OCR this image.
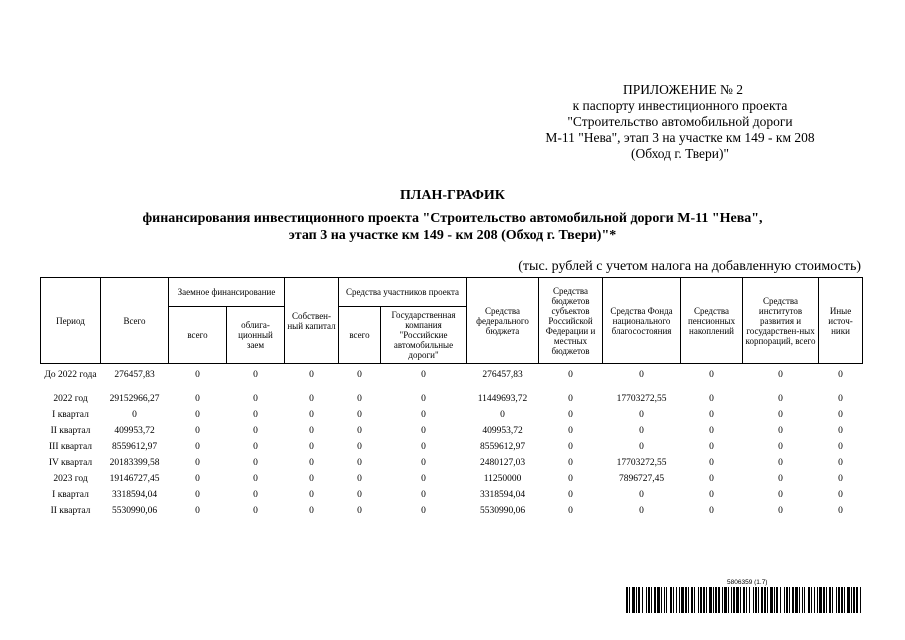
ПРИЛОЖЕНИЕ № 2
к паспорту инвестиционного проекта
"Строительство автомобильной дороги
М-11 "Нева", этап 3 на участке км 149 - км 208
(Обход г. Твери)"
ПЛАН-ГРАФИК
финансирования инвестиционного проекта "Строительство автомобильной дороги М-11 "Нева",
этап 3 на участке км 149 - км 208 (Обход г. Твери)"*
(тыс. рублей с учетом налога на добавленную стоимость)
Период	Всего	Заемное финансирование		Собствен-ный капитал	Средства участников проекта		Средства федерального бюджета	Средства бюджетов субъектов Российской Федерации и местных бюджетов	Средства Фонда национального благосостояния	Средства пенсионных накоплений	Средства институтов развития и государствен-ных корпораций, всего	Иные источ-ники
		всего	облига-ционный заем		всего	Государственная компания "Российские автомобильные дороги"						
До 2022 года	276457,83	0	0	0	0	0	276457,83	0	0	0	0	0
2022 год	29152966,27	0	0	0	0	0	11449693,72	0	17703272,55	0	0	0
I квартал	0	0	0	0	0	0	0	0	0	0	0	0
II квартал	409953,72	0	0	0	0	0	409953,72	0	0	0	0	0
III квартал	8559612,97	0	0	0	0	0	8559612,97	0	0	0	0	0
IV квартал	20183399,58	0	0	0	0	0	2480127,03	0	17703272,55	0	0	0
2023 год	19146727,45	0	0	0	0	0	11250000	0	7896727,45	0	0	0
I квартал	3318594,04	0	0	0	0	0	3318594,04	0	0	0	0	0
II квартал	5530990,06	0	0	0	0	0	5530990,06	0	0	0	0	0
5806359 (1.7)
